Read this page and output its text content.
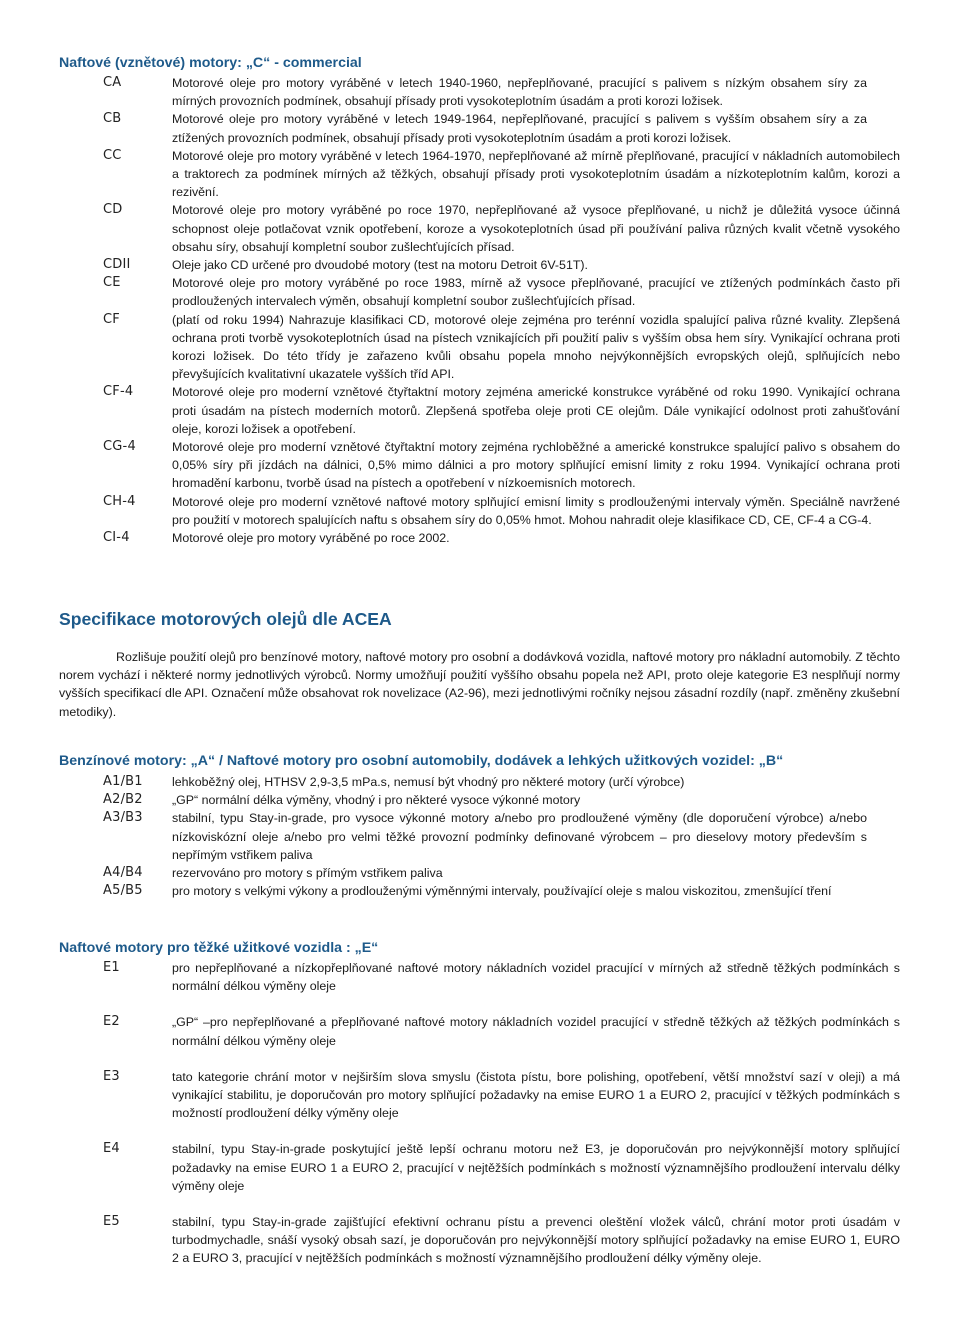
Naftové (vznětové) motory: „C“ - commercial
CA	Motorové oleje pro motory vyráběné v letech 1940-1960, nepřeplňované, pracující s palivem s nízkým obsahem síry za mírných provozních podmínek, obsahují přísady proti vysokoteplotním úsadám a proti korozi ložisek.
CB	Motorové oleje pro motory vyráběné v letech 1949-1964, nepřeplňované, pracující s palivem s vyšším obsahem síry a za ztížených provozních podmínek, obsahují přísady proti vysokoteplotním úsadám a proti korozi ložisek.
CC	Motorové oleje pro motory vyráběné v letech 1964-1970, nepřeplňované až mírně přeplňované, pracující v nákladních automobilech a traktorech za podmínek mírných až těžkých, obsahují přísady proti vysokoteplotním úsadám a nízkoteplotním kalům, korozi a rezivění.
CD	Motorové oleje pro motory vyráběné po roce 1970, nepřeplňované až vysoce přeplňované, u nichž je důležitá vysoce účinná schopnost oleje potlačovat vznik opotřebení, koroze a vysokoteplotních úsad při používání paliva různých kvalit včetně vysokého obsahu síry, obsahují kompletní soubor zušlechťujících přísad.
CDII	Oleje jako CD určené pro dvoudobé motory (test na motoru Detroit 6V-51T).
CE	Motorové oleje pro motory vyráběné po roce 1983, mírně až vysoce přeplňované, pracující ve ztížených podmínkách často při prodloužených intervalech výměn, obsahují kompletní soubor zušlechťujících přísad.
CF	(platí od roku 1994) Nahrazuje klasifikaci CD, motorové oleje zejména pro terénní vozidla spalující paliva různé kvality. Zlepšená ochrana proti tvorbě vysokoteplotních úsad na pístech vznikajících při použití paliv s vyšším obsa hem síry. Vynikající ochrana proti korozi ložisek. Do této třídy je zařazeno kvůli obsahu popela mnoho nejvýkonnějších evropských olejů, splňujících nebo převyšujících kvalitativní ukazatele vyšších tříd API.
CF-4	Motorové oleje pro moderní vznětové čtyřtaktní motory zejména americké konstrukce vyráběné od roku 1990. Vynikající ochrana proti úsadám na pístech moderních motorů. Zlepšená spotřeba oleje proti CE olejům. Dále vynikající odolnost proti zahušťování oleje, korozi ložisek a opotřebení.
CG-4	Motorové oleje pro moderní vznětové čtyřtaktní motory zejména rychloběžné a americké konstrukce spalující palivo s obsahem do 0,05% síry při jízdách na dálnici, 0,5% mimo dálnici a pro motory splňující emisní limity z roku 1994. Vynikající ochrana proti hromadění karbonu, tvorbě úsad na pístech a opotřebení v nízkoemisních motorech.
CH-4	Motorové oleje pro moderní vznětové naftové motory splňující emisní limity s prodlouženými intervaly výměn. Speciálně navržené pro použití v motorech spalujících naftu s obsahem síry do 0,05% hmot. Mohou nahradit oleje klasifikace CD, CE, CF-4 a CG-4.
CI-4	Motorové oleje pro motory vyráběné po roce 2002.
Specifikace motorových olejů dle ACEA

Rozlišuje použití olejů pro benzínové motory, naftové motory pro osobní a dodávková vozidla, naftové motory pro nákladní automobily. Z těchto norem vychází i některé normy jednotlivých výrobců. Normy umožňují použití vyššího obsahu popela než API, proto oleje kategorie E3 nesplňují normy vyšších specifikací dle API. Označení může obsahovat rok novelizace (A2-96), mezi jednotlivými ročníky nejsou zásadní rozdíly (např. změněny zkušební metodiky).

Benzínové motory: „A“ / Naftové motory pro osobní automobily, dodávek a lehkých užitkových vozidel: „B“
A1/B1 lehkoběžný olej, HTHSV 2,9-3,5 mPa.s, nemusí být vhodný pro některé motory (určí výrobce)
A2/B2 „GP“ normální délka výměny, vhodný i pro některé vysoce výkonné motory
A3/B3 stabilní, typu Stay-in-grade, pro vysoce výkonné motory a/nebo pro prodloužené výměny (dle doporučení výrobce) a/nebo nízkoviskózní oleje a/nebo pro velmi těžké provozní podmínky definované výrobcem – pro dieselovy motory především s nepřímým vstřikem paliva
A4/B4 rezervováno pro motory s přímým vstřikem paliva
A5/B5 pro motory s velkými výkony a prodlouženými výměnnými intervaly, používající oleje s malou viskozitou, zmenšující tření
Naftové motory pro těžké užitkové vozidla : „E“
E1	pro nepřeplňované a nízkopřeplňované naftové motory nákladních vozidel pracující v mírných až středně těžkých podmínkách s normální délkou výměny oleje
E2	„GP“ –pro nepřeplňované a přeplňované naftové motory nákladních vozidel pracující v středně těžkých až těžkých podmínkách s normální délkou výměny oleje
E3	tato kategorie chrání motor v nejširším slova smyslu (čistota pístu, bore polishing, opotřebení, větší množství sazí v oleji) a má vynikající stabilitu, je doporučován pro motory splňující požadavky na emise EURO 1 a EURO 2, pracující v těžkých podmínkách s možností prodloužení délky výměny oleje
E4	stabilní, typu Stay-in-grade poskytující ještě lepší ochranu motoru než E3, je doporučován pro nejvýkonnější motory splňující požadavky na emise EURO 1 a EURO 2, pracující v nejtěžších podmínkách s možností významnějšího prodloužení intervalu délky výměny oleje
E5	stabilní, typu Stay-in-grade zajišťující efektivní ochranu pístu a prevenci oleštění vložek válců, chrání motor proti úsadám v turbodmychadle, snáší vysoký obsah sazí, je doporučován pro nejvýkonnější motory splňující požadavky na emise EURO 1, EURO 2 a EURO 3, pracující v nejtěžších podmínkách s možností významnějšího prodloužení délky výměny oleje.
